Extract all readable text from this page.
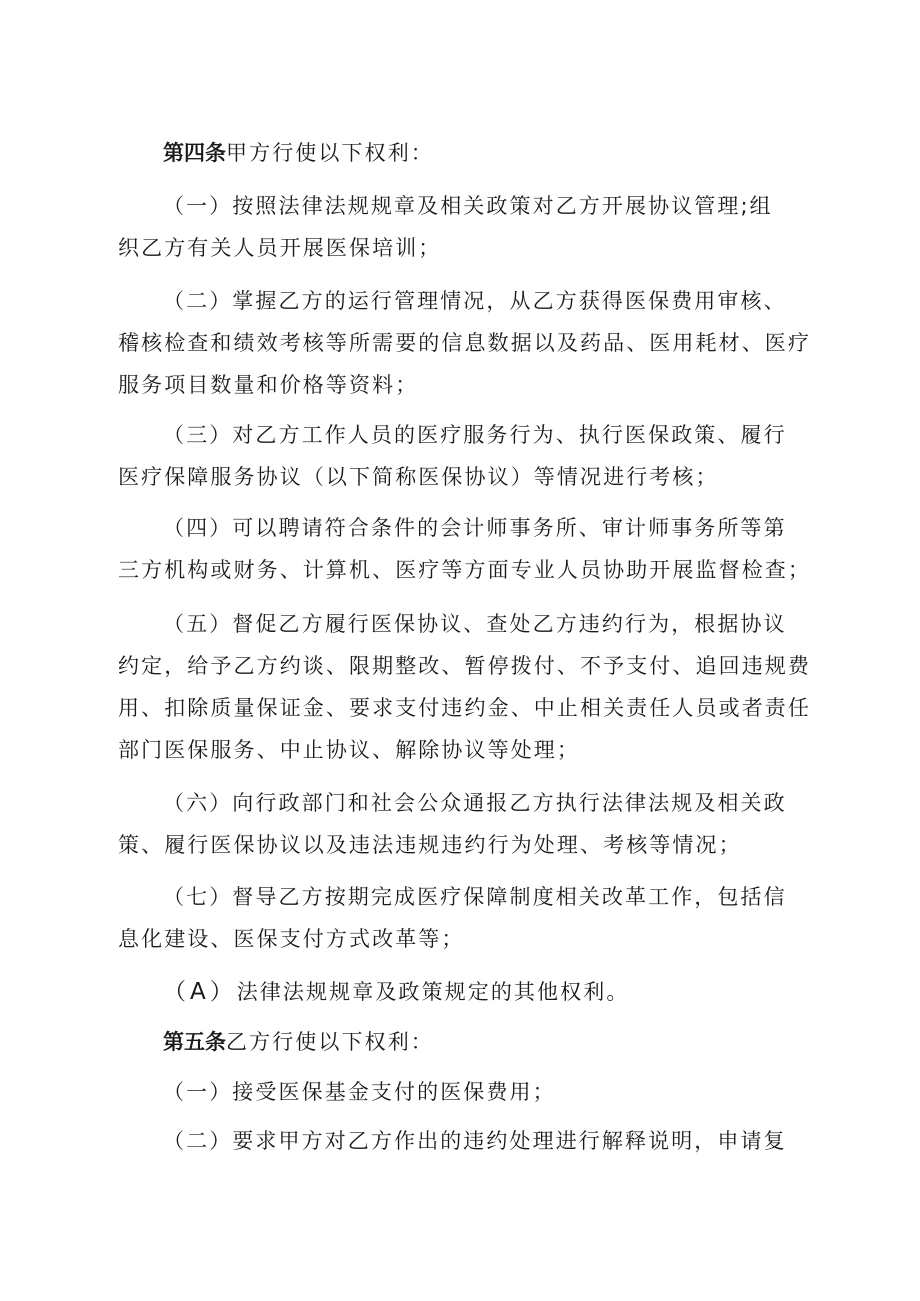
第四条甲方行使以下权利：

（一）按照法律法规规章及相关政策对乙方开展协议管理;组
织乙方有关人员开展医保培训；

（二）掌握乙方的运行管理情况，从乙方获得医保费用审核、
稽核检查和绩效考核等所需要的信息数据以及药品、医用耗材、医疗
服务项目数量和价格等资料；

（三）对乙方工作人员的医疗服务行为、执行医保政策、履行
医疗保障服务协议（以下简称医保协议）等情况进行考核；

（四）可以聘请符合条件的会计师事务所、审计师事务所等第
三方机构或财务、计算机、医疗等方面专业人员协助开展监督检查；

（五）督促乙方履行医保协议、查处乙方违约行为，根据协议
约定，给予乙方约谈、限期整改、暂停拨付、不予支付、追回违规费
用、扣除质量保证金、要求支付违约金、中止相关责任人员或者责任
部门医保服务、中止协议、解除协议等处理；

（六）向行政部门和社会公众通报乙方执行法律法规及相关政
策、履行医保协议以及违法违规违约行为处理、考核等情况；

（七）督导乙方按期完成医疗保障制度相关改革工作，包括信
息化建设、医保支付方式改革等；

（A）法律法规规章及政策规定的其他权利。

第五条乙方行使以下权利：

（一）接受医保基金支付的医保费用；

（二）要求甲方对乙方作出的违约处理进行解释说明，申请复
